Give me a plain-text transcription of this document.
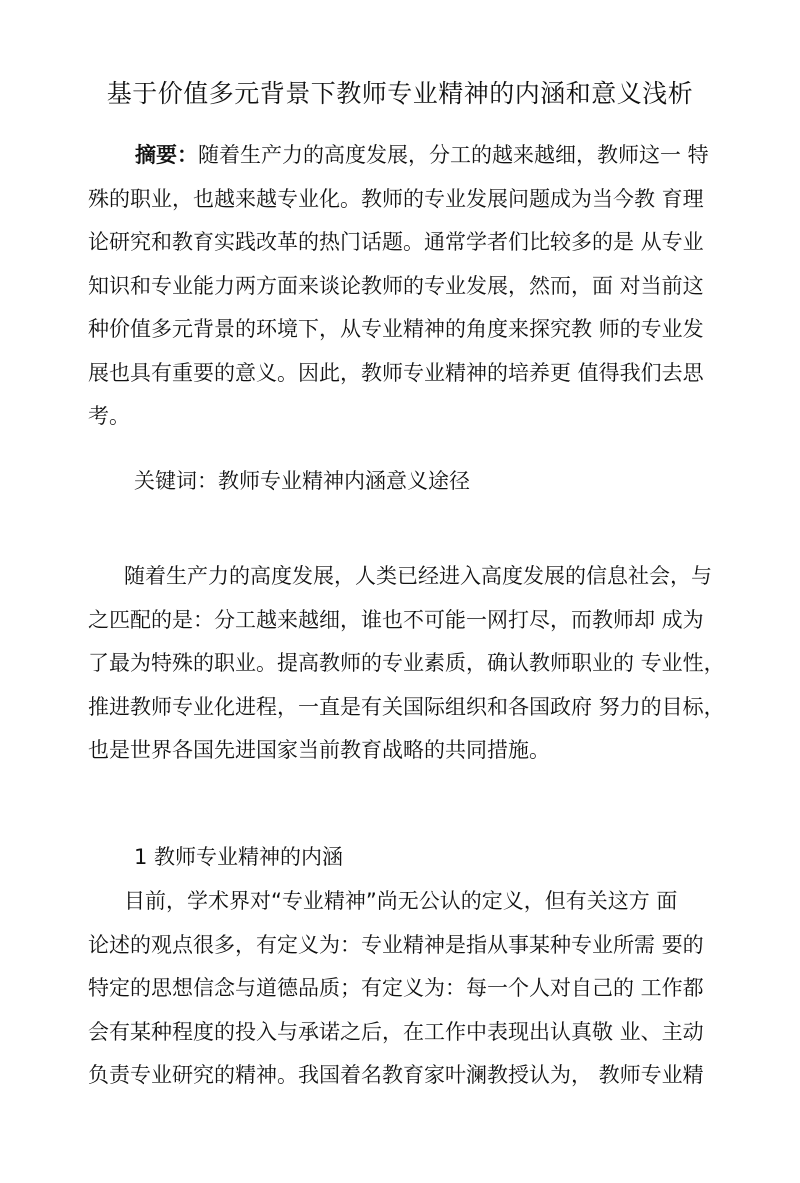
基于价值多元背景下教师专业精神的内涵和意义浅析
摘要：随着生产力的高度发展，分工的越来越细，教师这一 特
殊的职业，也越来越专业化。教师的专业发展问题成为当今教 育理
论研究和教育实践改革的热门话题。通常学者们比较多的是 从专业
知识和专业能力两方面来谈论教师的专业发展，然而，面 对当前这
种价值多元背景的环境下，从专业精神的角度来探究教 师的专业发
展也具有重要的意义。因此，教师专业精神的培养更 值得我们去思
考。
关键词：教师专业精神内涵意义途径
随着生产力的高度发展，人类已经进入高度发展的信息社会，与
之匹配的是：分工越来越细，谁也不可能一网打尽，而教师却 成为
了最为特殊的职业。提高教师的专业素质，确认教师职业的 专业性，
推进教师专业化进程，一直是有关国际组织和各国政府 努力的目标，
也是世界各国先进国家当前教育战略的共同措施。
1 教师专业精神的内涵
目前，学术界对“专业精神”尚无公认的定义，但有关这方 面
论述的观点很多，有定义为：专业精神是指从事某种专业所需 要的
特定的思想信念与道德品质；有定义为：每一个人对自己的 工作都
会有某种程度的投入与承诺之后，在工作中表现出认真敬 业、主动
负责专业研究的精神。我国着名教育家叶澜教授认为， 教师专业精
